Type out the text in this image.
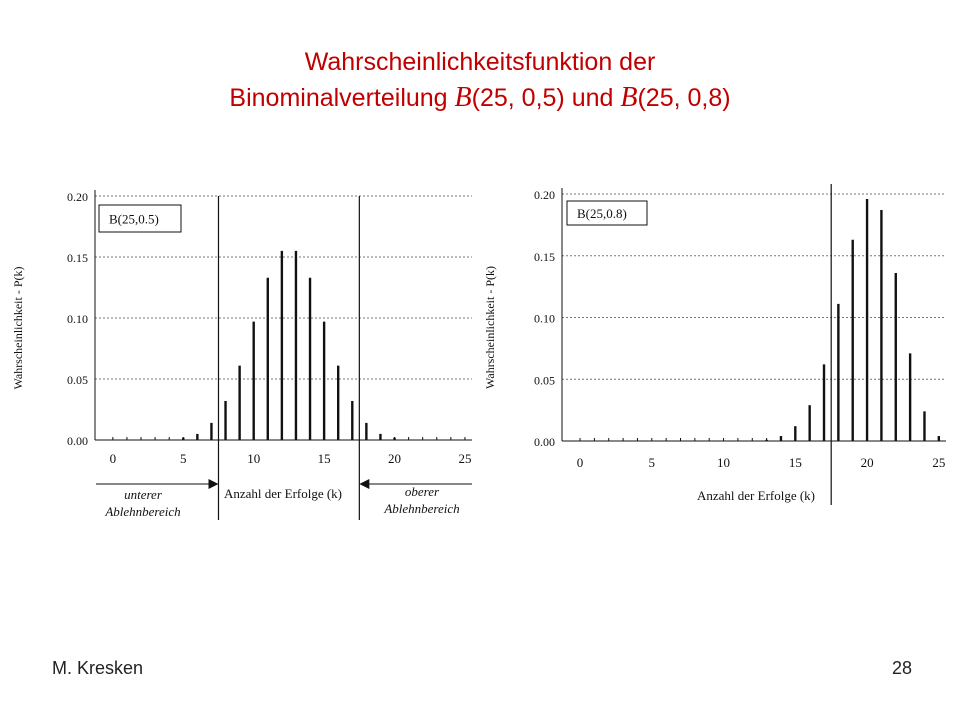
Wahrscheinlichkeitsfunktion der
Binominalverteilung B(25, 0,5) und B(25, 0,8)
0.00
0.05
0.10
0.15
0.20
0	5	10	15	20	25
B(25,0.5)
Wahrscheinlichkeit - P(k)
Anzahl der Erfolge (k)
unterer
Ablehnbereich
oberer
Ablehnbereich
0.00
0.05
0.10
0.15
0.20
0	5	10	15	20	25
B(25,0.8)
Wahrscheinlichkeit - P(k)
Anzahl der Erfolge (k)
M. Kresken	28
